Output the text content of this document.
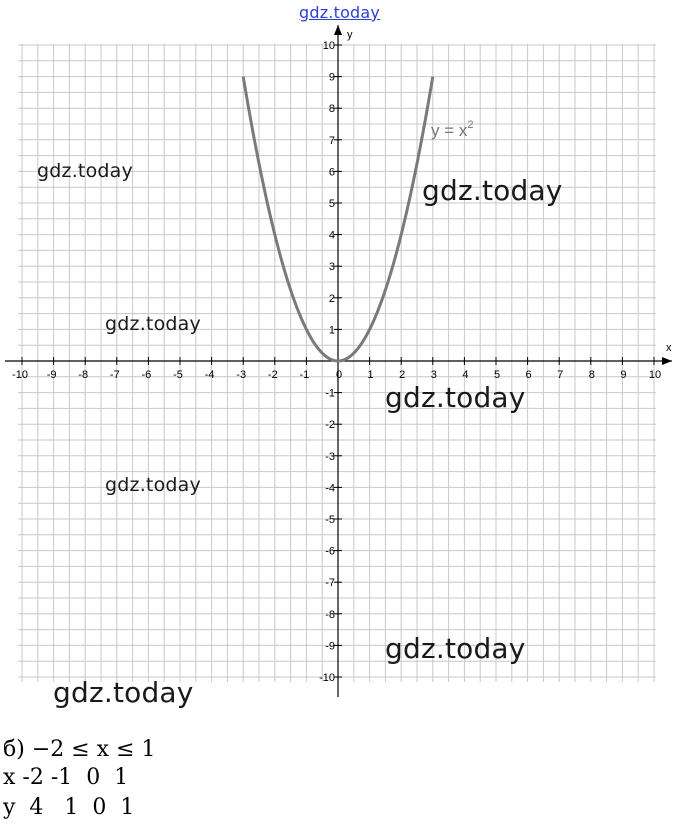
-10 -9 -8 -7 -6 -5 -4 -3 -2 -1 0 1 2 3 4 5 6 7 8 9 10
-10
-9
-8
-7
-6
-5
-4
-3
-2
-1
1
2
3
4
5
6
7
8
9
10
x
y
$y = x^2$
gdz.today
gdz.today
gdz.today
gdz.today
gdz.today
gdz.today
gdz.today
gdz.today
б) −2 ≤ x ≤ 1
x -2 -1  0  1
y  4   1  0  1
